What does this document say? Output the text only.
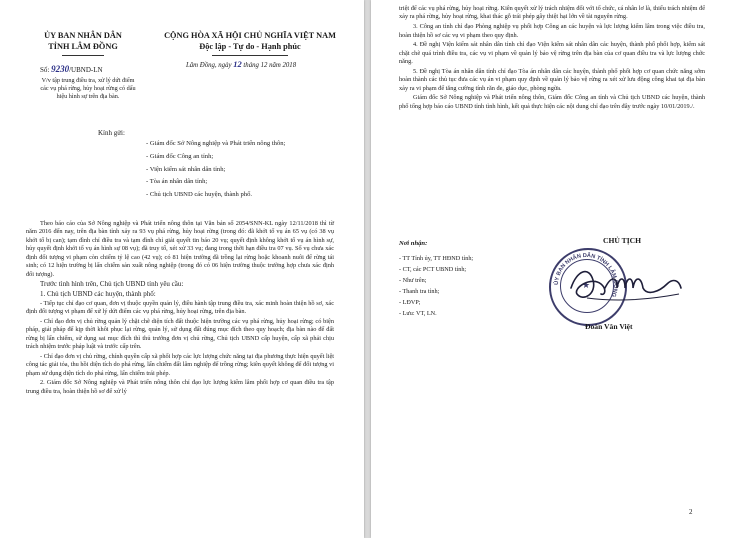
ỦY BAN NHÂN DÂN
TỈNH LÂM ĐỒNG
Số: 9230/UBND-LN
V/v tập trung điều tra, xử lý dứt điểm các vụ phá rừng, hủy hoại rừng có dấu hiệu hình sự trên địa bàn.
CỘNG HÒA XÃ HỘI CHỦ NGHĨA VIỆT NAM
Độc lập - Tự do - Hạnh phúc
Lâm Đồng, ngày 12 tháng 12 năm 2018
Kính gửi:
- Giám đốc Sở Nông nghiệp và Phát triển nông thôn;
- Giám đốc Công an tỉnh;
- Viện kiểm sát nhân dân tỉnh;
- Tòa án nhân dân tỉnh;
- Chủ tịch UBND các huyện, thành phố.

Theo báo cáo của Sở Nông nghiệp và Phát triển nông thôn tại Văn bản số 2054/SNN-KL ngày 12/11/2018 thì từ năm 2016 đến nay, trên địa bàn tỉnh xảy ra 93 vụ phá rừng, hủy hoại rừng (trong đó: đã khởi tố vụ án 65 vụ (có 38 vụ khởi tố bị can); tạm đình chỉ điều tra và tạm đình chỉ giải quyết tin báo 20 vụ; quyết định không khởi tố vụ án hình sự, hủy quyết định khởi tố vụ án hình sự 08 vụ); đã truy tố, xét xử 33 vụ; đang trong thời hạn điều tra 07 vụ. Số vụ chưa xác định đối tượng vi phạm còn chiếm tỷ lệ cao (42 vụ); có 81 hiện trường đã trồng lại rừng hoặc khoanh nuôi để rừng tái sinh; có 12 hiện trường bị lấn chiếm sản xuất nông nghiệp (trong đó có 06 hiện trường thuộc trường hợp chưa xác định đối tượng).

Trước tình hình trên, Chủ tịch UBND tỉnh yêu cầu:

1. Chủ tịch UBND các huyện, thành phố:

- Tiếp tục chỉ đạo cơ quan, đơn vị thuộc quyền quản lý, điều hành tập trung điều tra, xác minh hoàn thiện hồ sơ, xác định đối tượng vi phạm để xử lý dứt điểm các vụ phá rừng, hủy hoại rừng, trên địa bàn.

- Chỉ đạo đơn vị chủ rừng quản lý chặt chẽ diện tích đất thuộc hiện trường các vụ phá rừng, hủy hoại rừng; có biện pháp, giải pháp để kịp thời khôi phục lại rừng, quản lý, sử dụng đất đúng mục đích theo quy hoạch; địa bàn nào để đất rừng bị lấn chiếm, sử dụng sai mục đích thì thủ trưởng đơn vị chủ rừng, Chủ tịch UBND cấp huyện, cấp xã phải chịu trách nhiệm trước pháp luật và trước cấp trên.

- Chỉ đạo đơn vị chủ rừng, chính quyền cấp xã phối hợp các lực lượng chức năng tại địa phương thực hiện quyết liệt công tác giải tỏa, thu hồi diện tích do phá rừng, lấn chiếm đất lâm nghiệp để trồng rừng; kiên quyết không để đối tượng vi phạm sử dụng diện tích do phá rừng, lấn chiếm trái phép.

2. Giám đốc Sở Nông nghiệp và Phát triển nông thôn chỉ đạo lực lượng kiểm lâm phối hợp cơ quan điều tra tập trung điều tra, hoàn thiện hồ sơ để xử lý

triệt để các vụ phá rừng, hủy hoại rừng. Kiên quyết xử lý trách nhiệm đối với tổ chức, cá nhân lơ là, thiếu trách nhiệm để xảy ra phá rừng, hủy hoại rừng, khai thác gỗ trái phép gây thiệt hại lớn về tài nguyên rừng.

3. Công an tỉnh chỉ đạo Phòng nghiệp vụ phối hợp Công an các huyện và lực lượng kiểm lâm trong việc điều tra, hoàn thiện hồ sơ các vụ vi phạm theo quy định.

4. Đề nghị Viện kiểm sát nhân dân tỉnh chỉ đạo Viện kiểm sát nhân dân các huyện, thành phố phối hợp, kiểm sát chặt chẽ quá trình điều tra, các vụ vi phạm về quản lý bảo vệ rừng trên địa bàn của cơ quan điều tra và lực lượng chức năng.

5. Đề nghị Tòa án nhân dân tỉnh chỉ đạo Tòa án nhân dân các huyện, thành phố phối hợp cơ quan chức năng sớm hoàn thành các thủ tục đưa các vụ án vi phạm quy định về quản lý bảo vệ rừng ra xét xử lưu động công khai tại địa bàn xảy ra vi phạm để tăng cường tính răn đe, giáo dục, phòng ngừa.

Giám đốc Sở Nông nghiệp và Phát triển nông thôn, Giám đốc Công an tỉnh và Chủ tịch UBND các huyện, thành phố tổng hợp báo cáo UBND tỉnh tình hình, kết quả thực hiện các nội dung chỉ đạo trên đây trước ngày 10/01/2019./.

Nơi nhận:
- TT Tỉnh ủy, TT HĐND tỉnh;
- CT, các PCT UBND tỉnh;
- Như trên;
- Thanh tra tỉnh;
- LĐVP;
- Lưu: VT, LN.
CHỦ TỊCH
ỦY BAN NHÂN DÂN TỈNH LÂM ĐỒNG
★
Đoàn Văn Việt
2
